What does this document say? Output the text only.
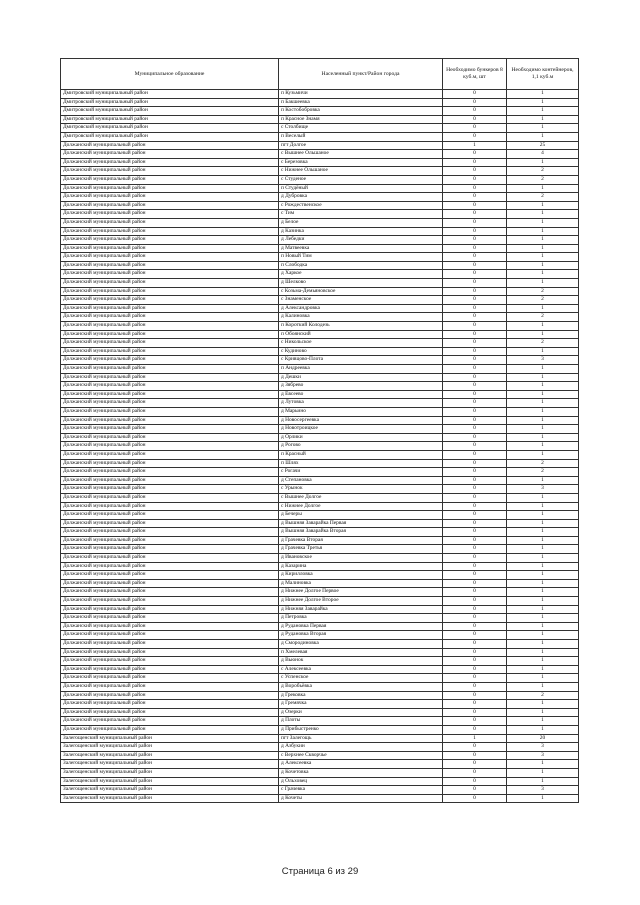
Муниципальное образование	Населенный пункт/Район города	Необходимо бункеров 8 куб.м, шт	Необходимо контейнеров, 1,1 куб.м
Дмитровский муниципальный район	п Кузьмичи	0	1
Дмитровский муниципальный район	п Бакшеевка	0	1
Дмитровский муниципальный район	п Костобобровка	0	1
Дмитровский муниципальный район	п Красное Знамя	0	1
Дмитровский муниципальный район	с Столбище	0	1
Дмитровский муниципальный район	п Веселый	0	1
Должанский муниципальный район	пгт Долгое	1	25
Должанский муниципальный район	с Вышнее Ольшаное	0	4
Должанский муниципальный район	с Березовка	0	1
Должанский муниципальный район	с Нижнее Ольшаное	0	2
Должанский муниципальный район	с Студеное	0	2
Должанский муниципальный район	п Студёный	0	1
Должанский муниципальный район	д Дубровка	0	2
Должанский муниципальный район	с Рождественское	0	1
Должанский муниципальный район	с Тим	0	1
Должанский муниципальный район	д Белое	0	1
Должанский муниципальный район	д Казинка	0	1
Должанский муниципальный район	д Лебедки	0	1
Должанский муниципальный район	д Матвеевка	0	1
Должанский муниципальный район	п Новый Тим	0	1
Должанский муниципальный район	п Слободка	0	1
Должанский муниципальный район	д Харкое	0	1
Должанский муниципальный район	д Шелково	0	1
Должанский муниципальный район	с Козьма-Демьяновское	0	2
Должанский муниципальный район	с Знаменское	0	2
Должанский муниципальный район	д Александровка	0	1
Должанский муниципальный район	д Калиновка	0	2
Должанский муниципальный район	п Короткий Колодезь	0	1
Должанский муниципальный район	п Обоянский	0	1
Должанский муниципальный район	с Никольское	0	2
Должанский муниципальный район	с Кудиново	0	1
Должанский муниципальный район	с Кривцово-Плота	0	3
Должанский муниципальный район	п Андреевка	0	1
Должанский муниципальный район	д Дешки	0	1
Должанский муниципальный район	д Зябрево	0	1
Должанский муниципальный район	д Евсеево	0	1
Должанский муниципальный район	д Лутовка	0	1
Должанский муниципальный район	д Марьино	0	1
Должанский муниципальный район	д Новосергеевка	0	1
Должанский муниципальный район	д Новотроицкое	0	1
Должанский муниципальный район	д Орлики	0	1
Должанский муниципальный район	д Рогово	0	1
Должанский муниципальный район	п Красный	0	1
Должанский муниципальный район	п Шлях	0	2
Должанский муниципальный район	с Рогачи	0	2
Должанский муниципальный район	д Степановка	0	1
Должанский муниципальный район	с Урынок	0	3
Должанский муниципальный район	с Вышнее Долгое	0	1
Должанский муниципальный район	с Нижнее Долгое	0	1
Должанский муниципальный район	д Бечеры	0	1
Должанский муниципальный район	д Вышняя Заварайка Первая	0	1
Должанский муниципальный район	д Вышняя Заварайка Вторая	0	1
Должанский муниципальный район	д Грачевка Вторая	0	1
Должанский муниципальный район	д Грачевка Третья	0	1
Должанский муниципальный район	д Ивановское	0	1
Должанский муниципальный район	д Казарина	0	1
Должанский муниципальный район	д Кирилловка	0	1
Должанский муниципальный район	д Малиновка	0	1
Должанский муниципальный район	д Нижнее Долгое Первое	0	1
Должанский муниципальный район	д Нижнее Долгое Второе	0	1
Должанский муниципальный район	д Нижняя Заварайка	0	1
Должанский муниципальный район	д Петровка	0	1
Должанский муниципальный район	д Рудановка Первая	0	1
Должанский муниципальный район	д Рудановка Вторая	0	1
Должанский муниципальный район	д Смородиновка	0	1
Должанский муниципальный район	п Хмелевая	0	1
Должанский муниципальный район	д Вьюнок	0	1
Должанский муниципальный район	с Алексеевка	0	1
Должанский муниципальный район	с Успенское	0	1
Должанский муниципальный район	д Воробьёвка	0	1
Должанский муниципальный район	д Грековка	0	2
Должанский муниципальный район	д Гремячка	0	1
Должанский муниципальный район	д Озерки	0	1
Должанский муниципальный район	д Плоты	0	1
Должанский муниципальный район	д Прибыстренко	0	1
Залегощенский муниципальный район	пгт Залегощь	1	20
Залегощенский муниципальный район	д Азбукин	0	3
Залегощенский муниципальный район	с Верхнее Скворчье	0	3
Залегощенский муниципальный район	д Алексеевка	0	1
Залегощенский муниципальный район	д Кочетовка	0	1
Залегощенский муниципальный район	д Ольховец	0	1
Залегощенский муниципальный район	с Грачевка	0	3
Залегощенский муниципальный район	д Кочеты	0	1
Страница 6 из 29
